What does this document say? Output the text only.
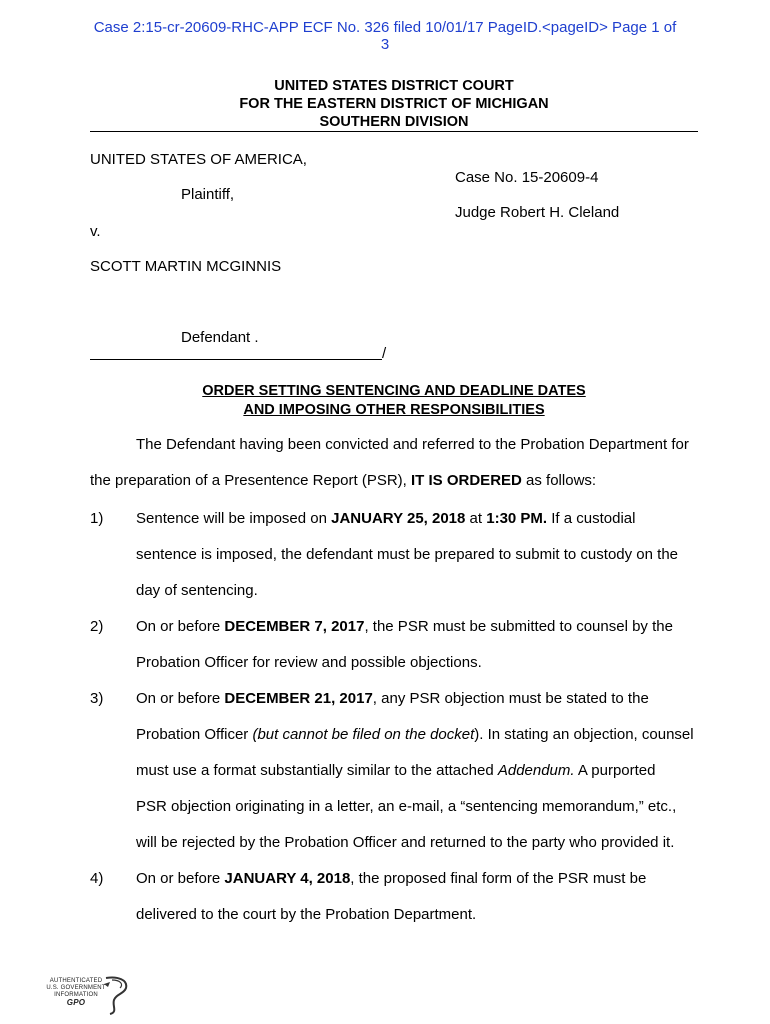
Case 2:15-cr-20609-RHC-APP ECF No. 326 filed 10/01/17 PageID.<pageID> Page 1 of
3
UNITED STATES DISTRICT COURT
FOR THE EASTERN DISTRICT OF MICHIGAN
SOUTHERN DIVISION
UNITED STATES OF AMERICA,
Case No. 15-20609-4
Plaintiff,
Judge Robert H. Cleland
v.
SCOTT MARTIN MCGINNIS
Defendant .
/
ORDER SETTING SENTENCING AND DEADLINE DATES
AND IMPOSING OTHER RESPONSIBILITIES
The Defendant having been convicted and referred to the Probation Department for
the preparation of a Presentence Report (PSR), IT IS ORDERED as follows:
1) Sentence will be imposed on JANUARY 25, 2018 at 1:30 PM. If a custodial
sentence is imposed, the defendant must be prepared to submit to custody on the
day of sentencing.
2) On or before DECEMBER 7, 2017, the PSR must be submitted to counsel by the
Probation Officer for review and possible objections.
3) On or before DECEMBER 21, 2017, any PSR objection must be stated to the
Probation Officer (but cannot be filed on the docket). In stating an objection, counsel
must use a format substantially similar to the attached Addendum. A purported
PSR objection originating in a letter, an e-mail, a “sentencing memorandum,” etc.,
will be rejected by the Probation Officer and returned to the party who provided it.
4) On or before JANUARY 4, 2018, the proposed final form of the PSR must be
delivered to the court by the Probation Department.
AUTHENTICATED
U.S. GOVERNMENT
INFORMATION
GPO
